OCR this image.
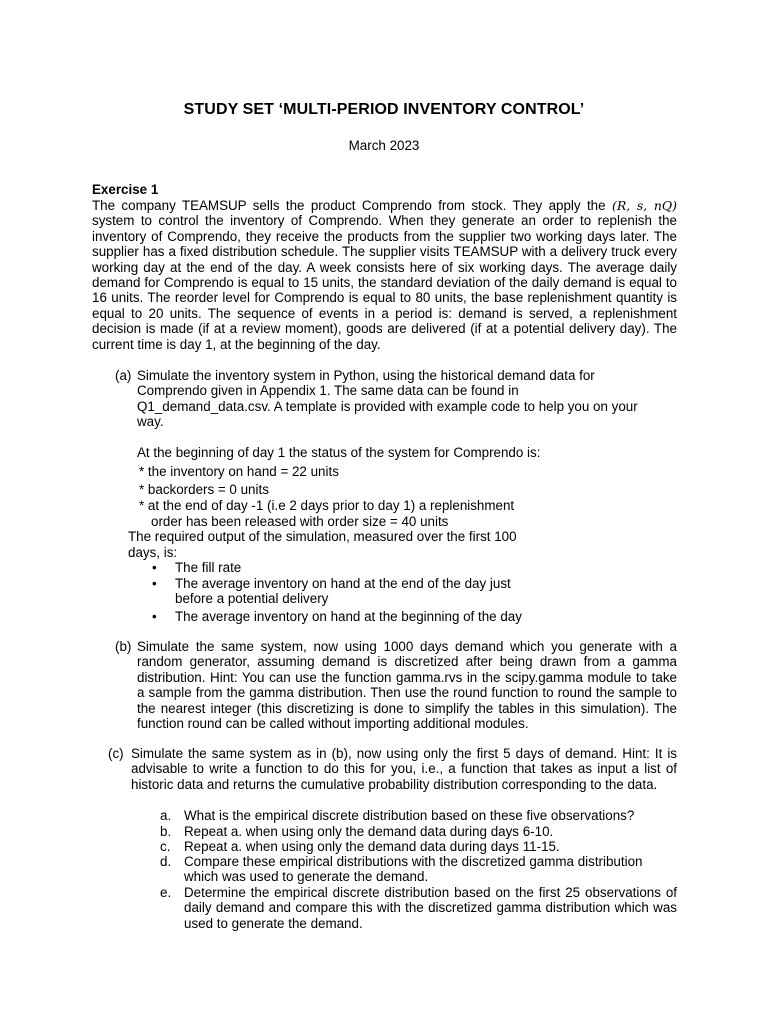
STUDY SET ‘MULTI-PERIOD INVENTORY CONTROL’
March 2023
Exercise 1
The company TEAMSUP sells the product Comprendo from stock. They apply the (R, s, nQ) system to control the inventory of Comprendo. When they generate an order to replenish the inventory of Comprendo, they receive the products from the supplier two working days later. The supplier has a fixed distribution schedule. The supplier visits TEAMSUP with a delivery truck every working day at the end of the day. A week consists here of six working days. The average daily demand for Comprendo is equal to 15 units, the standard deviation of the daily demand is equal to 16 units. The reorder level for Comprendo is equal to 80 units, the base replenishment quantity is equal to 20 units. The sequence of events in a period is: demand is served, a replenishment decision is made (if at a review moment), goods are delivered (if at a potential delivery day). The current time is day 1, at the beginning of the day.
(a) Simulate the inventory system in Python, using the historical demand data for Comprendo given in Appendix 1. The same data can be found in Q1_demand_data.csv. A template is provided with example code to help you on your way.
At the beginning of day 1 the status of the system for Comprendo is:
* the inventory on hand = 22 units
* backorders = 0 units
* at the end of day -1 (i.e 2 days prior to day 1) a replenishment
order has been released with order size = 40 units
The required output of the simulation, measured over the first 100
days, is:
• The fill rate
• The average inventory on hand at the end of the day just before a potential delivery
• The average inventory on hand at the beginning of the day
(b) Simulate the same system, now using 1000 days demand which you generate with a random generator, assuming demand is discretized after being drawn from a gamma distribution. Hint: You can use the function gamma.rvs in the scipy.gamma module to take a sample from the gamma distribution. Then use the round function to round the sample to the nearest integer (this discretizing is done to simplify the tables in this simulation). The function round can be called without importing additional modules.
(c) Simulate the same system as in (b), now using only the first 5 days of demand. Hint: It is advisable to write a function to do this for you, i.e., a function that takes as input a list of historic data and returns the cumulative probability distribution corresponding to the data.
a. What is the empirical discrete distribution based on these five observations?
b. Repeat a. when using only the demand data during days 6-10.
c. Repeat a. when using only the demand data during days 11-15.
d. Compare these empirical distributions with the discretized gamma distribution which was used to generate the demand.
e. Determine the empirical discrete distribution based on the first 25 observations of daily demand and compare this with the discretized gamma distribution which was used to generate the demand.
